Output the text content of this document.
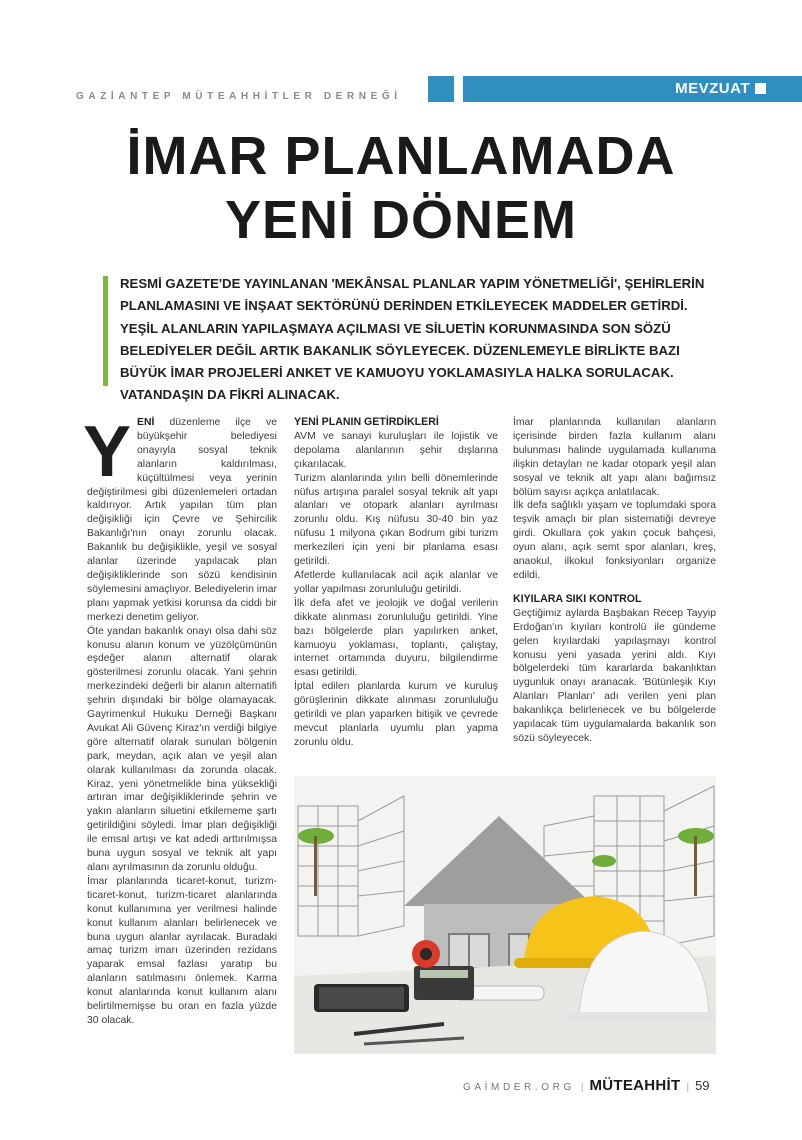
GAZİANTEP MÜTEAHHİTLER DERNEĞİ	MEVZUAT
İMAR PLANLAMADA
YENİ DÖNEM
RESMİ GAZETE'DE YAYINLANAN 'MEKÂNSAL PLANLAR YAPIM YÖNETMELİĞİ', ŞEHİRLERİN PLANLAMASINI VE İNŞAAT SEKTÖRÜNÜ DERİNDEN ETKİLEYECEK MADDELER GETİRDİ. YEŞİL ALANLARIN YAPILAŞMAYA AÇILMASI VE SİLUETİN KORUNMASINDA SON SÖZÜ BELEDİYELER DEĞİL ARTIK BAKANLIK SÖYLEYECEK. DÜZENLEMEYLE BİRLİKTE BAZI BÜYÜK İMAR PROJELERİ ANKET VE KAMUOYU YOKLAMASIYLA HALKA SORULACAK. VATANDAŞIN DA FİKRİ ALINACAK.

YENİ düzenleme ilçe ve büyükşehir belediyesi onayıyla sosyal teknik alanların kaldırılması, küçültülmesi veya yerinin değiştirilmesi gibi düzenlemeleri ortadan kaldırıyor. Artık yapılan tüm plan değişikliği için Çevre ve Şehircilik Bakanlığı'nın onayı zorunlu olacak. Bakanlık bu değişiklikle, yeşil ve sosyal alanlar üzerinde yapılacak plan değişikliklerinde son sözü kendisinin söylemesini amaçlıyor. Belediyelerin imar planı yapmak yetkisi korunsa da ciddi bir merkezi denetim geliyor.

Öte yandan bakanlık onayı olsa dahi söz konusu alanın konum ve yüzölçümünün eşdeğer alanın alternatif olarak gösterilmesi zorunlu olacak. Yani şehrin merkezindeki değerli bir alanın alternatifi şehrin dışındaki bir bölge olamayacak. Gayrimenkul Hukuku Derneği Başkanı Avukat Ali Güvenç Kiraz'ın verdiği bilgiye göre alternatif olarak sunulan bölgenin park, meydan, açık alan ve yeşil alan olarak kullanılması da zorunda olacak. Kiraz, yeni yönetmelikle bina yüksekliği artıran imar değişikliklerinde şehrin ve yakın alanların siluetini etkilememe şartı getirildiğini söyledi. İmar plan değişikliği ile emsal artışı ve kat adedi arttırılmışsa buna uygun sosyal ve teknik alt yapı alanı ayrılmasının da zorunlu olduğu.

İmar planlarında ticaret-konut, turizm-ticaret-konut, turizm-ticaret alanlarında konut kullanımına yer verilmesi halinde konut kullanım alanları belirlenecek ve buna uygun alanlar ayrılacak. Buradaki amaç turizm imarı üzerinden rezidans yaparak emsal fazlası yaratıp bu alanların satılmasını önlemek. Karma konut alanlarında konut kullanım alanı belirtilmemişse bu oran en fazla yüzde 30 olacak.

YENİ PLANIN GETİRDİKLERİ

AVM ve sanayi kuruluşları ile lojistik ve depolama alanlarının şehir dışlarına çıkarılacak.

Turizm alanlarında yılın belli dönemlerinde nüfus artışına paralel sosyal teknik alt yapı alanları ve otopark alanları ayrılması zorunlu oldu. Kış nüfusu 30-40 bin yaz nüfusu 1 milyona çıkan Bodrum gibi turizm merkezileri için yeni bir planlama esası getirildi.

Afetlerde kullanılacak acil açık alanlar ve yollar yapılması zorunluluğu getirildi.

İlk defa afet ve jeolojik ve doğal verilerin dikkate alınması zorunluluğu getirildi. Yine bazı bölgelerde plan yapılırken anket, kamuoyu yoklaması, toplantı, çalıştay, internet ortamında duyuru, bilgilendirme esası getirildi.

İptal edilen planlarda kurum ve kuruluş görüşlerinin dikkate alınması zorunluluğu getirildi ve plan yaparken bitişik ve çevrede mevcut planlarla uyumlu plan yapma zorunlu oldu.

İmar planlarında kullanılan alanların içerisinde birden fazla kullanım alanı bulunması halinde uygulamada kullanıma ilişkin detayları ne kadar otopark yeşil alan sosyal ve teknik alt yapı alanı bağımsız bölüm sayısı açıkça anlatılacak.

İlk defa sağlıklı yaşam ve toplumdaki spora teşvik amaçlı bir plan sistematiği devreye girdi. Okullara çok yakın çocuk bahçesi, oyun alanı, açık semt spor alanları, kreş, anaokul, ilkokul fonksiyonları organize edildi.

KIYILARA SIKI KONTROL

Geçtiğimiz aylarda Başbakan Recep Tayyip Erdoğan'ın kıyıları kontrolü ile gündeme gelen kıyılardaki yapılaşmayı kontrol konusu yeni yasada yerini aldı. Kıyı bölgelerdeki tüm kararlarda bakanlıktan uygunluk onayı aranacak. 'Bütünleşik Kıyı Alanları Planları' adı verilen yeni plan bakanlıkça belirlenecek ve bu bölgelerde yapılacak tüm uygulamalarda bakanlık son sözü söyleyecek.

GAİMDER.ORG | MÜTEAHHİT | 59
